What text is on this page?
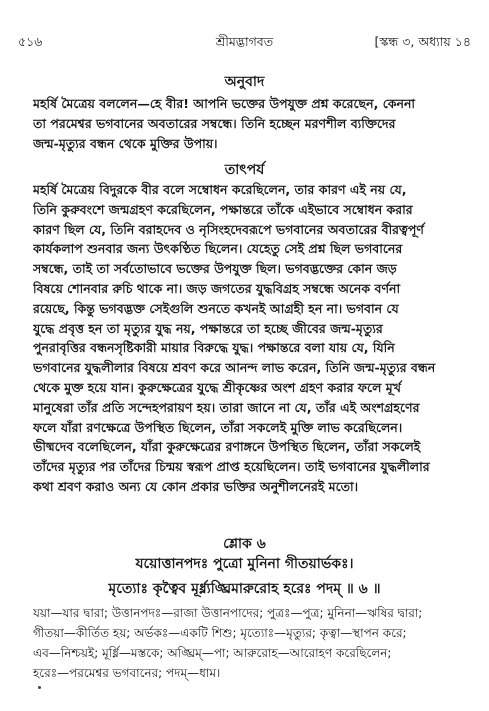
৫১৬	শ্রীমদ্ভাগবত	[স্কন্ধ ৩, অধ্যায় ১৪
অনুবাদ
মহর্ষি মৈত্রেয় বললেন—হে বীর! আপনি ভক্তের উপযুক্ত প্রশ্ন করেছেন, কেননা
তা পরমেশ্বর ভগবানের অবতারের সম্বন্ধে। তিনি হচ্ছেন মরণশীল ব্যক্তিদের
জন্ম-মৃত্যুর বন্ধন থেকে মুক্তির উপায়।
তাৎপর্য
মহর্ষি মৈত্রেয় বিদুরকে বীর বলে সম্বোধন করেছিলেন, তার কারণ এই নয় যে,
তিনি কুরুবংশে জন্মগ্রহণ করেছিলেন, পক্ষান্তরে তাঁকে এইভাবে সম্বোধন করার
কারণ ছিল যে, তিনি বরাহদেব ও নৃসিংহদেবরূপে ভগবানের অবতারের বীরত্বপূর্ণ
কার্যকলাপ শুনবার জন্য উৎকণ্ঠিত ছিলেন। যেহেতু সেই প্রশ্ন ছিল ভগবানের
সম্বন্ধে, তাই তা সর্বতোভাবে ভক্তের উপযুক্ত ছিল। ভগবদ্ভক্তের কোন জড়
বিষয়ে শোনবার রুচি থাকে না। জড় জগতের যুদ্ধবিগ্রহ সম্বন্ধে অনেক বর্ণনা
রয়েছে, কিন্তু ভগবদ্ভক্ত সেইগুলি শুনতে কখনই আগ্রহী হন না। ভগবান যে
যুদ্ধে প্রবৃত্ত হন তা মৃত্যুর যুদ্ধ নয়, পক্ষান্তরে তা হচ্ছে জীবের জন্ম-মৃত্যুর
পুনরাবৃত্তির বন্ধনসৃষ্টিকারী মায়ার বিরুদ্ধে যুদ্ধ। পক্ষান্তরে বলা যায় যে, যিনি
ভগবানের যুদ্ধলীলার বিষয়ে শ্রবণ করে আনন্দ লাভ করেন, তিনি জন্ম-মৃত্যুর বন্ধন
থেকে মুক্ত হয়ে যান। কুরুক্ষেত্রের যুদ্ধে শ্রীকৃষ্ণের অংশ গ্রহণ করার ফলে মূর্খ
মানুষেরা তাঁর প্রতি সন্দেহপরায়ণ হয়। তারা জানে না যে, তাঁর এই অংশগ্রহণের
ফলে যাঁরা রণক্ষেত্রে উপস্থিত ছিলেন, তাঁরা সকলেই মুক্তি লাভ করেছিলেন।
ভীষ্মদেব বলেছিলেন, যাঁরা কুরুক্ষেত্রের রণাঙ্গনে উপস্থিত ছিলেন, তাঁরা সকলেই
তাঁদের মৃত্যুর পর তাঁদের চিন্ময় স্বরূপ প্রাপ্ত হয়েছিলেন। তাই ভগবানের যুদ্ধলীলার
কথা শ্রবণ করাও অন্য যে কোন প্রকার ভক্তির অনুশীলনেরই মতো।
শ্লোক ৬
যয়োত্তানপদঃ পুত্রো মুনিনা গীতয়ার্ভকঃ।
মৃত্যোঃ কৃত্বৈব মূর্ধ্ন্যঙ্ঘ্রিমারুরোহ হরেঃ পদম্ ॥ ৬ ॥
যয়া—যার দ্বারা; উত্তানপদঃ—রাজা উত্তানপাদের; পুত্রঃ—পুত্র; মুনিনা—ঋষির দ্বারা;
গীতয়া—কীর্তিত হয়; অর্ভকঃ—একটি শিশু; মৃত্যোঃ—মৃত্যুর; কৃত্বা—স্থাপন করে;
এব—নিশ্চয়ই; মূর্ধ্নি—মস্তকে; অঙ্ঘ্রিম্—পা; আরুরোহ—আরোহণ করেছিলেন;
হরেঃ—পরমেশ্বর ভগবানের; পদম্—ধাম।
